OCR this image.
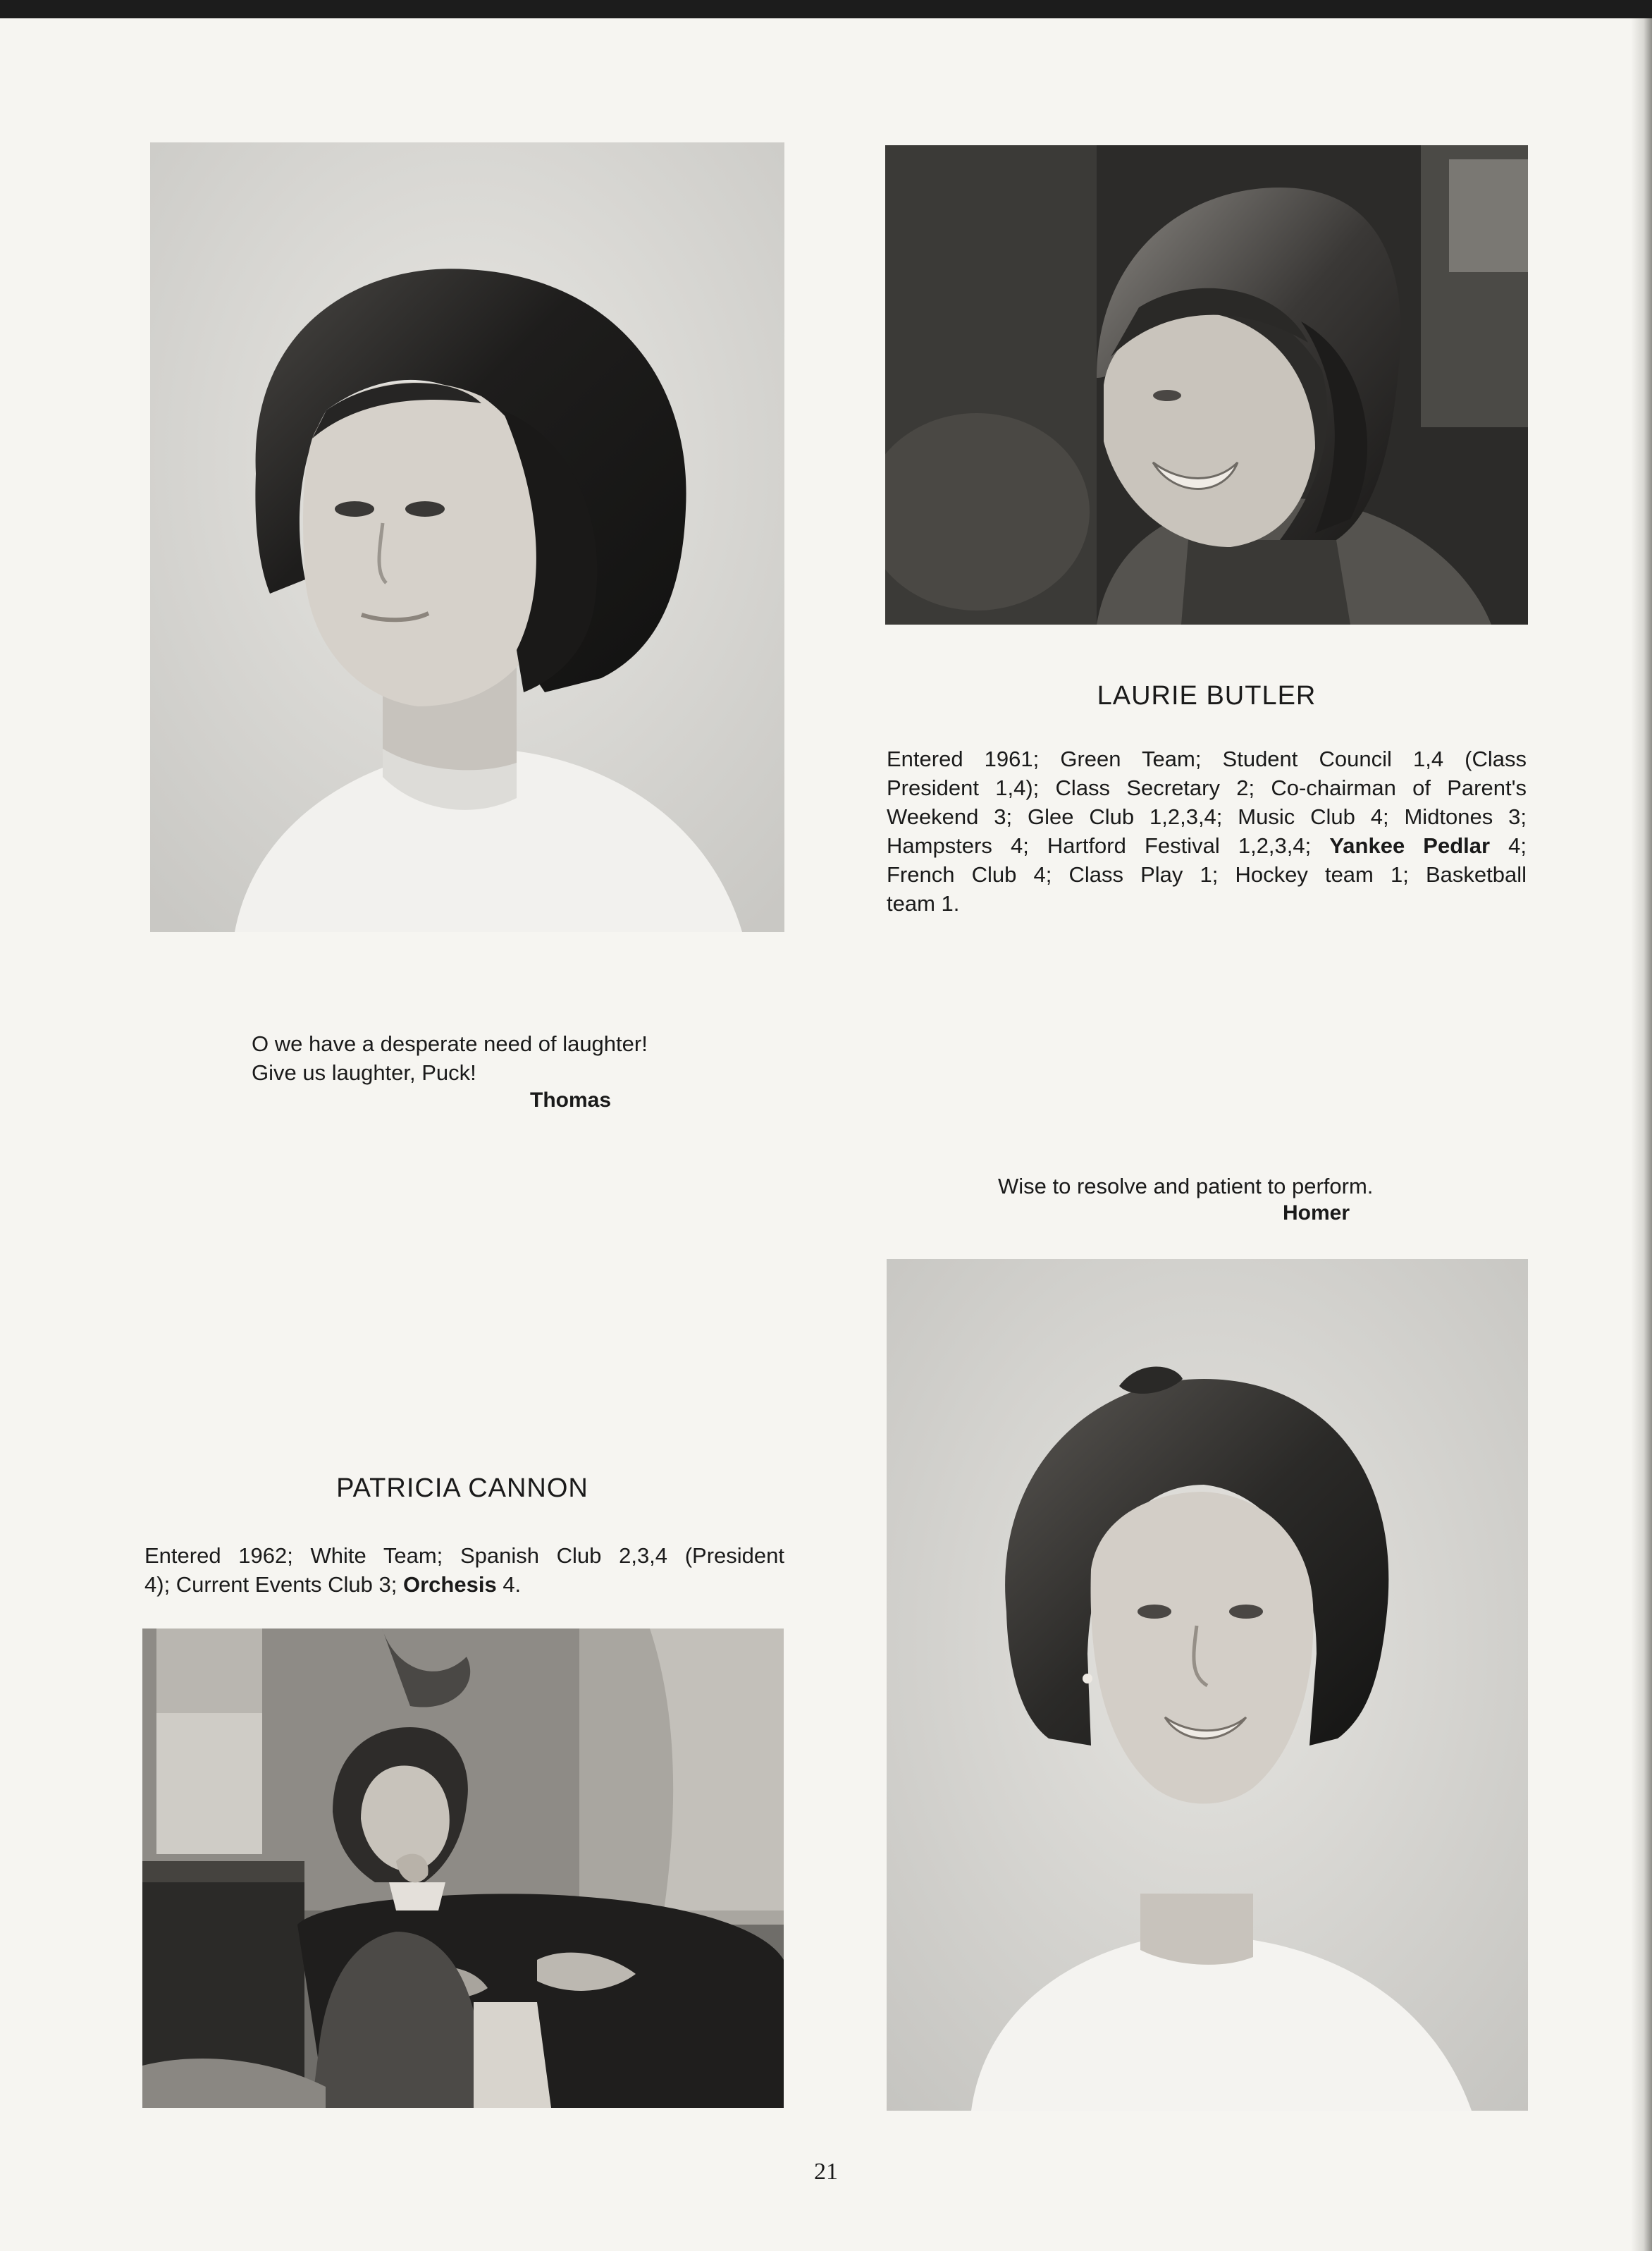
LAURIE BUTLER
Entered 1961; Green Team; Student Council 1,4 (Class
President 1,4); Class Secretary 2; Co-chairman of Parent's
Weekend 3; Glee Club 1,2,3,4; Music Club 4; Midtones 3;
Hampsters 4; Hartford Festival 1,2,3,4; Yankee Pedlar 4;
French Club 4; Class Play 1; Hockey team 1; Basketball
team 1.
O we have a desperate need of laughter!
Give us laughter, Puck!
Thomas
Wise to resolve and patient to perform.
Homer
PATRICIA CANNON
Entered 1962; White Team; Spanish Club 2,3,4 (President
4); Current Events Club 3; Orchesis 4.
21
